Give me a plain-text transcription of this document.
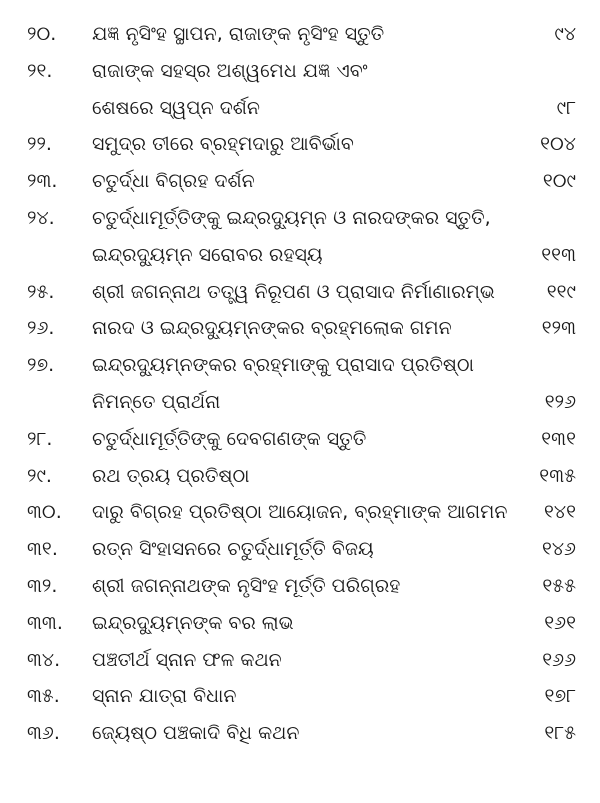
୨୦. ଯଜ୍ଞ ନୃସିଂହ ସ୍ଥାପନ, ରାଜାଙ୍କ ନୃସିଂହ ସ୍ତୁତି	୯୪
୨୧. ରାଜାଙ୍କ ସହସ୍ର ଅଶ୍ୱମେଧ ଯଜ୍ଞ ଏବଂ
ଶେଷରେ ସ୍ୱପ୍ନ ଦର୍ଶନ	୯୮
୨୨. ସମୁଦ୍ର ତୀରେ ବ୍ରହ୍ମଦାରୁ ଆବିର୍ଭାବ	୧୦୪
୨୩. ଚତୁର୍ଦ୍ଧା ବିଗ୍ରହ ଦର୍ଶନ	୧୦୯
୨୪. ଚତୁର୍ଦ୍ଧାମୂର୍ତ୍ତିଙ୍କୁ ଇନ୍ଦ୍ରଦ୍ୟୁମ୍ନ ଓ ନାରଦଙ୍କର ସ୍ତୁତି,
ଇନ୍ଦ୍ରଦ୍ୟୁମ୍ନ ସରୋବର ରହସ୍ୟ	୧୧୩
୨୫. ଶ୍ରୀ ଜଗନ୍ନାଥ ତତ୍ତ୍ୱ ନିରୂପଣ ଓ ପ୍ରାସାଦ ନିର୍ମାଣାରମ୍ଭ	୧୧୯
୨୬. ନାରଦ ଓ ଇନ୍ଦ୍ରଦ୍ୟୁମ୍ନଙ୍କର ବ୍ରହ୍ମଲୋକ ଗମନ	୧୨୩
୨୭. ଇନ୍ଦ୍ରଦ୍ୟୁମ୍ନଙ୍କର ବ୍ରହ୍ମାଙ୍କୁ ପ୍ରାସାଦ ପ୍ରତିଷ୍ଠା
ନିମନ୍ତେ ପ୍ରାର୍ଥନା	୧୨୬
୨୮. ଚତୁର୍ଦ୍ଧାମୂର୍ତ୍ତିଙ୍କୁ ଦେବଗଣଙ୍କ ସ୍ତୁତି	୧୩୧
୨୯. ରଥ ତ୍ରୟ ପ୍ରତିଷ୍ଠା	୧୩୫
୩୦. ଦାରୁ ବିଗ୍ରହ ପ୍ରତିଷ୍ଠା ଆୟୋଜନ, ବ୍ରହ୍ମାଙ୍କ ଆଗମନ ୧୪୧
୩୧. ରତ୍ନ ସିଂହାସନରେ ଚତୁର୍ଦ୍ଧାମୂର୍ତ୍ତି ବିଜୟ	୧୪୬
୩୨. ଶ୍ରୀ ଜଗନ୍ନାଥଙ୍କ ନୃସିଂହ ମୂର୍ତ୍ତି ପରିଗ୍ରହ	୧୫୫
୩୩. ଇନ୍ଦ୍ରଦ୍ୟୁମ୍ନଙ୍କ ବର ଲାଭ	୧୬୧
୩୪. ପଞ୍ଚତୀର୍ଥ ସ୍ନାନ ଫଳ କଥନ	୧୬୬
୩୫. ସ୍ନାନ ଯାତ୍ରା ବିଧାନ	୧୭୮
୩୬. ଜ୍ୟେଷ୍ଠ ପଞ୍ଚକାଦି ବିଧି କଥନ	୧୮୫
